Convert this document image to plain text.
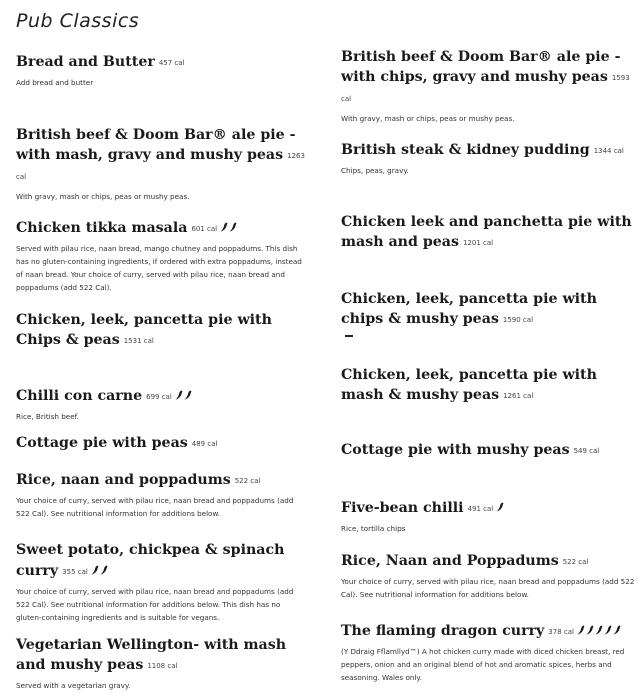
Pub Classics
Bread and Butter 457 cal
Add bread and butter
British beef & Doom Bar® ale pie - with mash, gravy and mushy peas 1263 cal
With gravy, mash or chips, peas or mushy peas.
Chicken tikka masala 601 cal
Served with pilau rice, naan bread, mango chutney and poppadums. This dish has no gluten-containing ingredients, if ordered with extra poppadums, instead of naan bread. Your choice of curry, served with pilau rice, naan bread and poppadums (add 522 Cal).
Chicken, leek, pancetta pie with Chips & peas 1531 cal
Chilli con carne 699 cal
Rice, British beef.
Cottage pie with peas 489 cal
Rice, naan and poppadums 522 cal
Your choice of curry, served with pilau rice, naan bread and poppadums (add 522 Cal). See nutritional information for additions below.
Sweet potato, chickpea & spinach curry 355 cal
Your choice of curry, served with pilau rice, naan bread and poppadums (add 522 Cal). See nutritional information for additions below. This dish has no gluten-containing ingredients and is suitable for vegans.
Vegetarian Wellington- with mash and mushy peas 1108 cal
Served with a vegetarian gravy.
British beef & Doom Bar® ale pie - with chips, gravy and mushy peas 1593 cal
With gravy, mash or chips, peas or mushy peas.
British steak & kidney pudding 1344 cal
Chips, peas, gravy.
Chicken leek and panchetta pie with mash and peas 1201 cal
Chicken, leek, pancetta pie with chips & mushy peas 1590 cal
Chicken, leek, pancetta pie with mash & mushy peas 1261 cal
Cottage pie with mushy peas 549 cal
Five-bean chilli 491 cal
Rice, tortilla chips
Rice, Naan and Poppadums 522 cal
Your choice of curry, served with pilau rice, naan bread and poppadums (add 522 Cal). See nutritional information for additions below.
The flaming dragon curry 378 cal
(Y Ddraig Fflamllyd™) A hot chicken curry made with diced chicken breast, red peppers, onion and an original blend of hot and aromatic spices, herbs and seasoning. Wales only.
